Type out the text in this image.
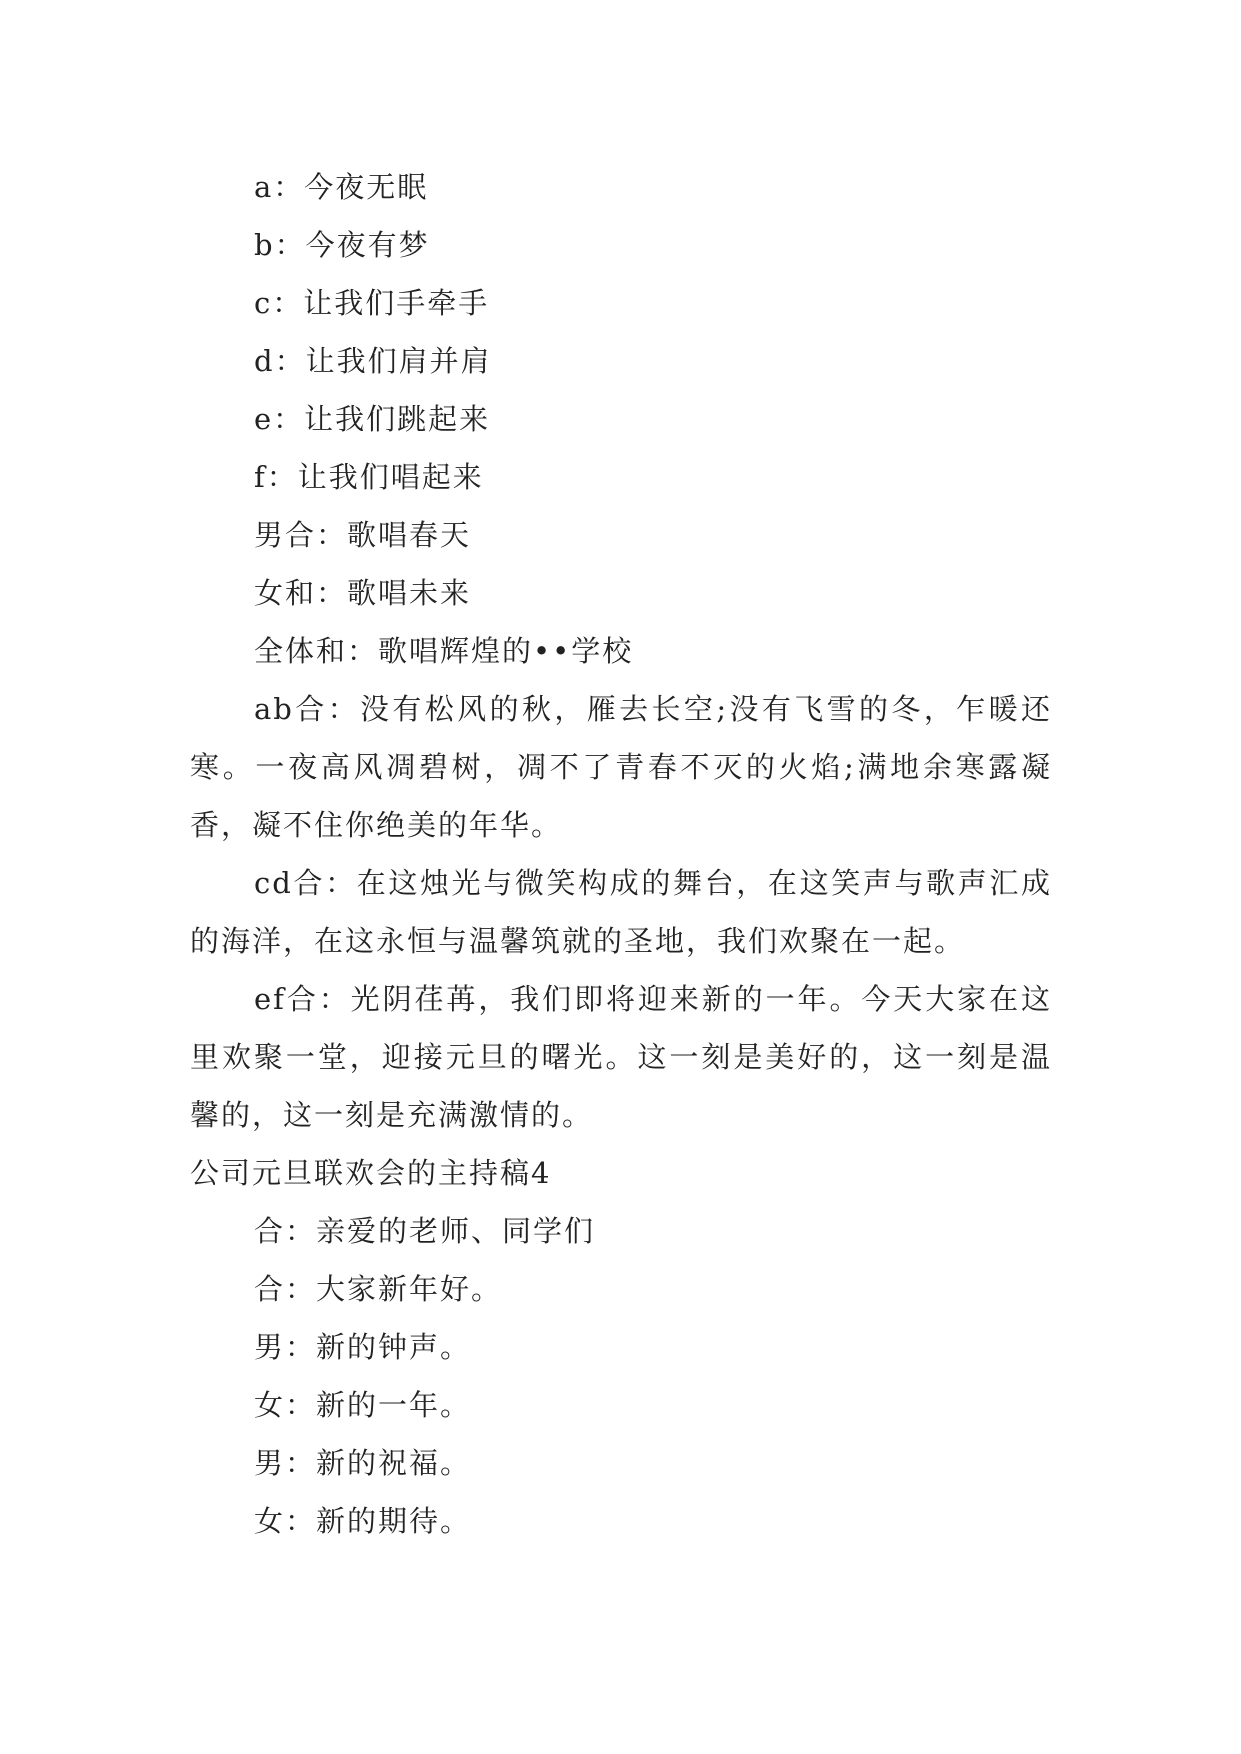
a：今夜无眠
b：今夜有梦
c：让我们手牵手
d：让我们肩并肩
e：让我们跳起来
f：让我们唱起来
男合：歌唱春天
女和：歌唱未来
全体和：歌唱辉煌的••学校
ab合：没有松风的秋，雁去长空;没有飞雪的冬，乍暖还寒。一夜高风凋碧树，凋不了青春不灭的火焰;满地余寒露凝香，凝不住你绝美的年华。
cd合：在这烛光与微笑构成的舞台，在这笑声与歌声汇成的海洋，在这永恒与温馨筑就的圣地，我们欢聚在一起。
ef合：光阴荏苒，我们即将迎来新的一年。今天大家在这里欢聚一堂，迎接元旦的曙光。这一刻是美好的，这一刻是温馨的，这一刻是充满激情的。
公司元旦联欢会的主持稿4
合：亲爱的老师、同学们
合：大家新年好。
男：新的钟声。
女：新的一年。
男：新的祝福。
女：新的期待。
